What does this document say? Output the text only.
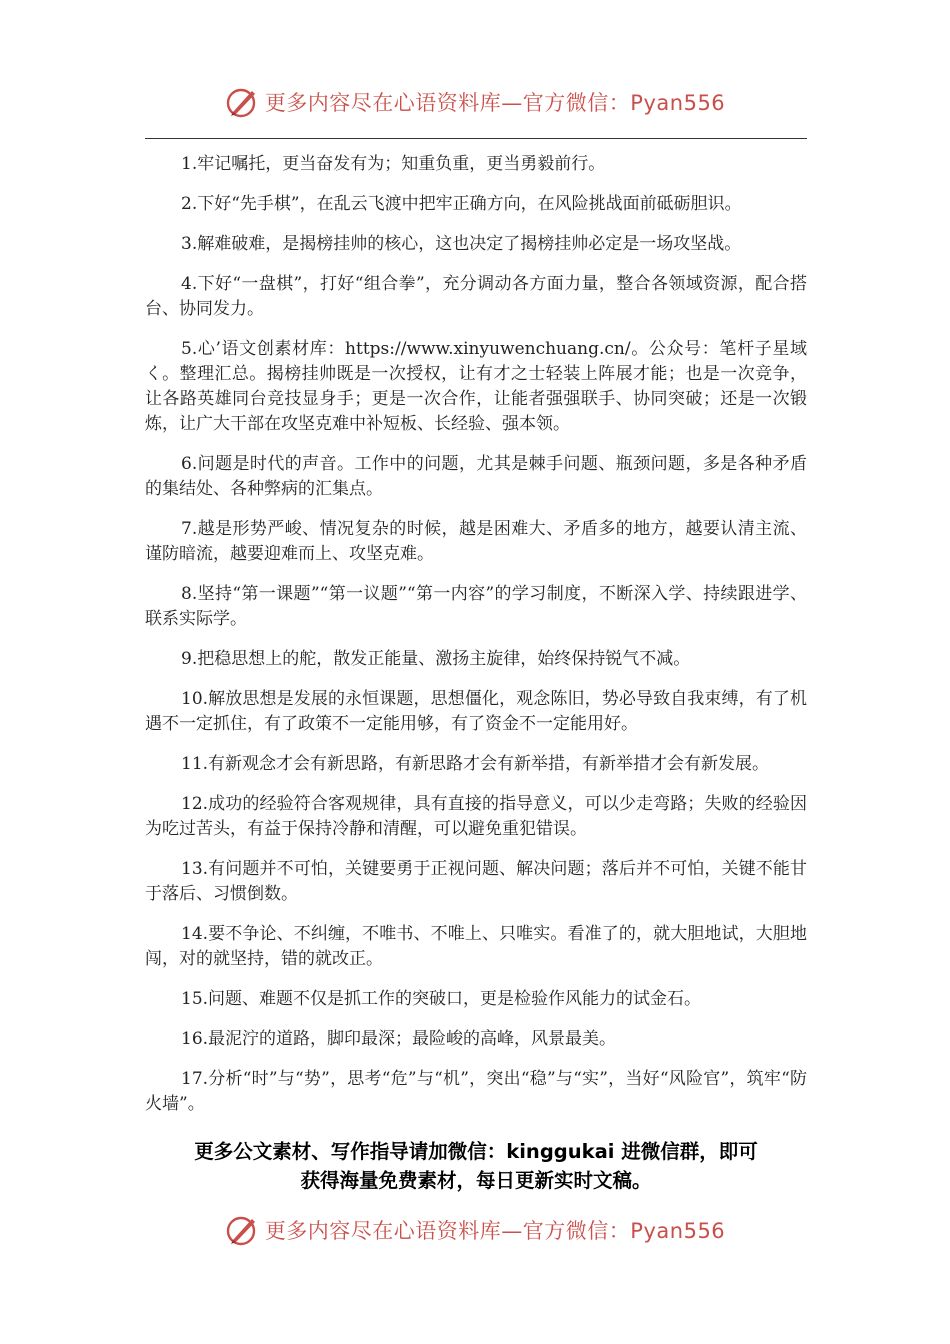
更多内容尽在心语资料库—官方微信：Pyan556

1.牢记嘱托，更当奋发有为；知重负重，更当勇毅前行。

2.下好“先手棋”，在乱云飞渡中把牢正确方向，在风险挑战面前砥砺胆识。

3.解难破难，是揭榜挂帅的核心，这也决定了揭榜挂帅必定是一场攻坚战。

4.下好“一盘棋”，打好“组合拳”，充分调动各方面力量，整合各领域资源，配合搭台、协同发力。

5.心’语文创素材库：https://www.xinyuwenchuang.cn/。公众号：笔杆子星域く。整理汇总。揭榜挂帅既是一次授权，让有才之士轻装上阵展才能；也是一次竞争，让各路英雄同台竞技显身手；更是一次合作，让能者强强联手、协同突破；还是一次锻炼，让广大干部在攻坚克难中补短板、长经验、强本领。

6.问题是时代的声音。工作中的问题，尤其是棘手问题、瓶颈问题，多是各种矛盾的集结处、各种弊病的汇集点。

7.越是形势严峻、情况复杂的时候，越是困难大、矛盾多的地方，越要认清主流、谨防暗流，越要迎难而上、攻坚克难。

8.坚持“第一课题”“第一议题”“第一内容”的学习制度，不断深入学、持续跟进学、联系实际学。

9.把稳思想上的舵，散发正能量、激扬主旋律，始终保持锐气不减。

10.解放思想是发展的永恒课题，思想僵化，观念陈旧，势必导致自我束缚，有了机遇不一定抓住，有了政策不一定能用够，有了资金不一定能用好。

11.有新观念才会有新思路，有新思路才会有新举措，有新举措才会有新发展。

12.成功的经验符合客观规律，具有直接的指导意义，可以少走弯路；失败的经验因为吃过苦头，有益于保持冷静和清醒，可以避免重犯错误。

13.有问题并不可怕，关键要勇于正视问题、解决问题；落后并不可怕，关键不能甘于落后、习惯倒数。

14.要不争论、不纠缠，不唯书、不唯上、只唯实。看准了的，就大胆地试，大胆地闯，对的就坚持，错的就改正。

15.问题、难题不仅是抓工作的突破口，更是检验作风能力的试金石。

16.最泥泞的道路，脚印最深；最险峻的高峰，风景最美。

17.分析“时”与“势”，思考“危”与“机”，突出“稳”与“实”，当好“风险官”，筑牢“防火墙”。

更多公文素材、写作指导请加微信：kinggukai 进微信群，即可
获得海量免费素材，每日更新实时文稿。
更多内容尽在心语资料库—官方微信：Pyan556
